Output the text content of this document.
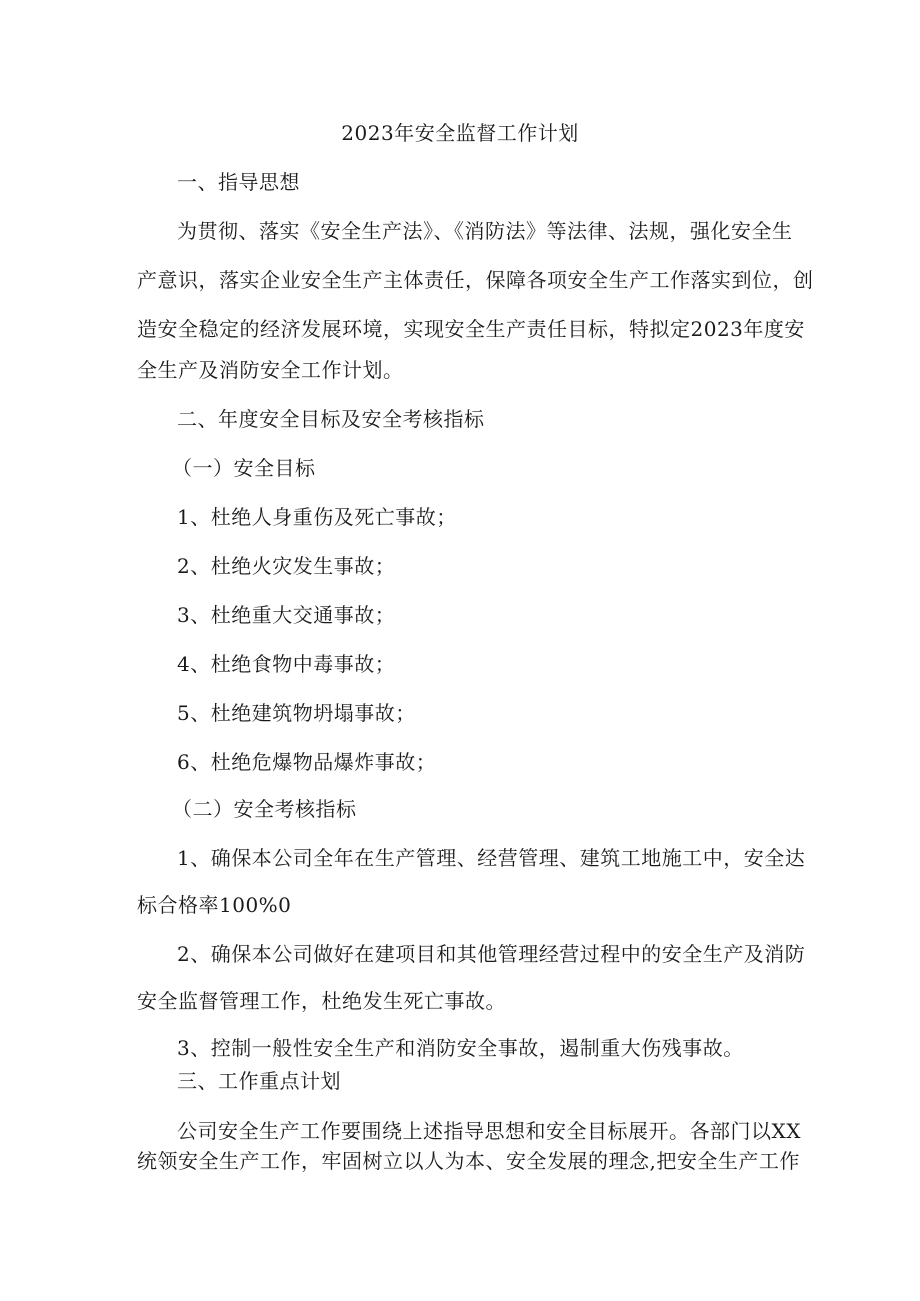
2023年安全监督工作计划
一、指导思想
为贯彻、落实《安全生产法》、《消防法》等法律、法规，强化安全生
产意识，落实企业安全生产主体责任，保障各项安全生产工作落实到位，创
造安全稳定的经济发展环境，实现安全生产责任目标，特拟定2023年度安
全生产及消防安全工作计划。
二、年度安全目标及安全考核指标
（一）安全目标
1、杜绝人身重伤及死亡事故；
2、杜绝火灾发生事故；
3、杜绝重大交通事故；
4、杜绝食物中毒事故；
5、杜绝建筑物坍塌事故；
6、杜绝危爆物品爆炸事故；
（二）安全考核指标
1、确保本公司全年在生产管理、经营管理、建筑工地施工中，安全达
标合格率100%0
2、确保本公司做好在建项目和其他管理经营过程中的安全生产及消防
安全监督管理工作，杜绝发生死亡事故。
3、控制一般性安全生产和消防安全事故，遏制重大伤残事故。
三、工作重点计划
公司安全生产工作要围绕上述指导思想和安全目标展开。各部门以XX
统领安全生产工作，牢固树立以人为本、安全发展的理念,把安全生产工作
